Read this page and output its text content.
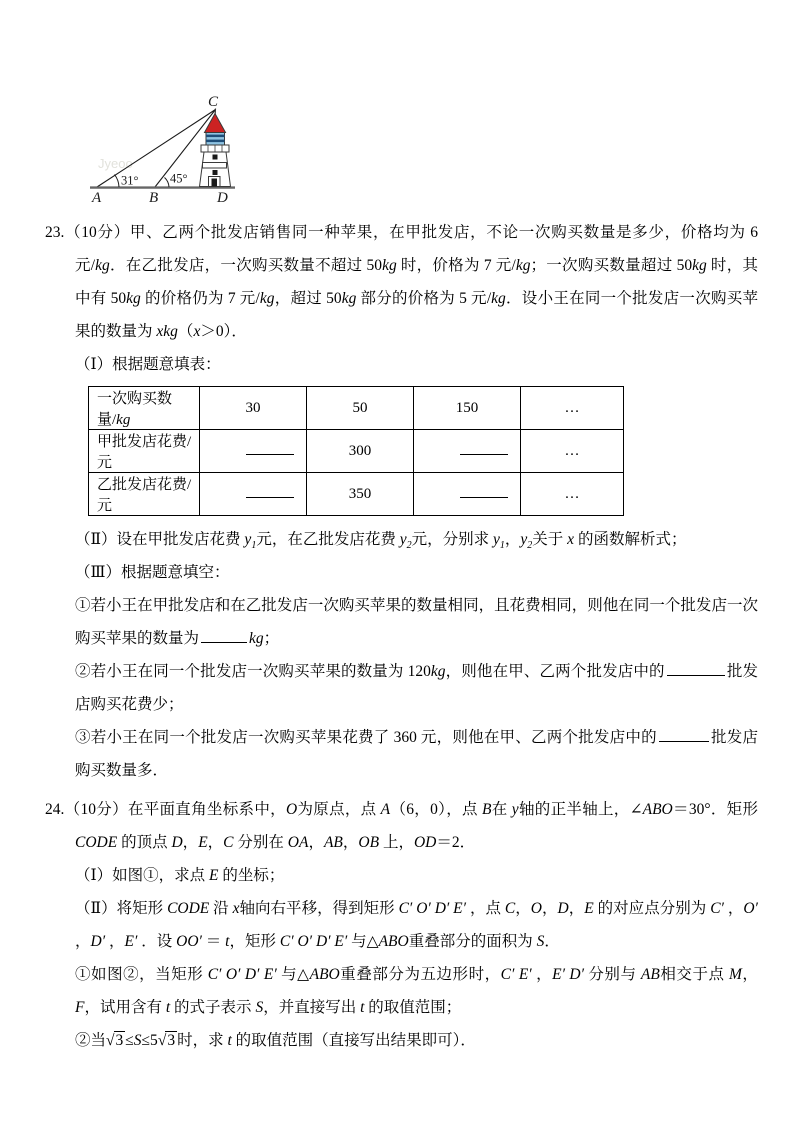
Jyeoo
31°	45°
A	B
C
D

23.（10分）甲、乙两个批发店销售同一种苹果，在甲批发店，不论一次购买数量是多少，价格均为 6 元/kg．在乙批发店，一次购买数量不超过 50kg 时，价格为 7 元/kg；一次购买数量超过 50kg 时，其中有 50kg 的价格仍为 7 元/kg，超过 50kg 部分的价格为 5 元/kg．设小王在同一个批发店一次购买苹果的数量为 xkg（x＞0）．

（Ⅰ）根据题意填表：

一次购买数量/kg	30	50	150	…
甲批发店花费/元		300		…
乙批发店花费/元		350		…

（Ⅱ）设在甲批发店花费 $y_1$元，在乙批发店花费 $y_2$元，分别求 $y_1$，$y_2$关于 x 的函数解析式；

（Ⅲ）根据题意填空：

①若小王在甲批发店和在乙批发店一次购买苹果的数量相同，且花费相同，则他在同一个批发店一次购买苹果的数量为	kg；

②若小王在同一个批发店一次购买苹果的数量为 120kg，则他在甲、乙两个批发店中的	批发店购买花费少；

③若小王在同一个批发店一次购买苹果花费了 360 元，则他在甲、乙两个批发店中的	批发店购买数量多．

24.（10分）在平面直角坐标系中，O为原点，点 A（6，0），点 B在 y轴的正半轴上，∠ABO＝30°．矩形 CODE 的顶点 D，E，C 分别在 OA，AB，OB 上，OD＝2．

（Ⅰ）如图①，求点 E 的坐标；

（Ⅱ）将矩形 CODE 沿 x轴向右平移，得到矩形 C′ O′ D′ E′ ，点 C，O，D，E 的对应点分别为 C′ ，O′ ，D′ ，E′ ．设 OO′ ＝ t，矩形 C′ O′ D′ E′ 与△ABO重叠部分的面积为 S．

①如图②，当矩形 C′ O′ D′ E′ 与△ABO重叠部分为五边形时，C′ E′ ，E′ D′ 分别与 AB相交于点 M，F，试用含有 t 的式子表示 S，并直接写出 t 的取值范围；

②当√3 ≤S≤5√3 时，求 t 的取值范围（直接写出结果即可）．
